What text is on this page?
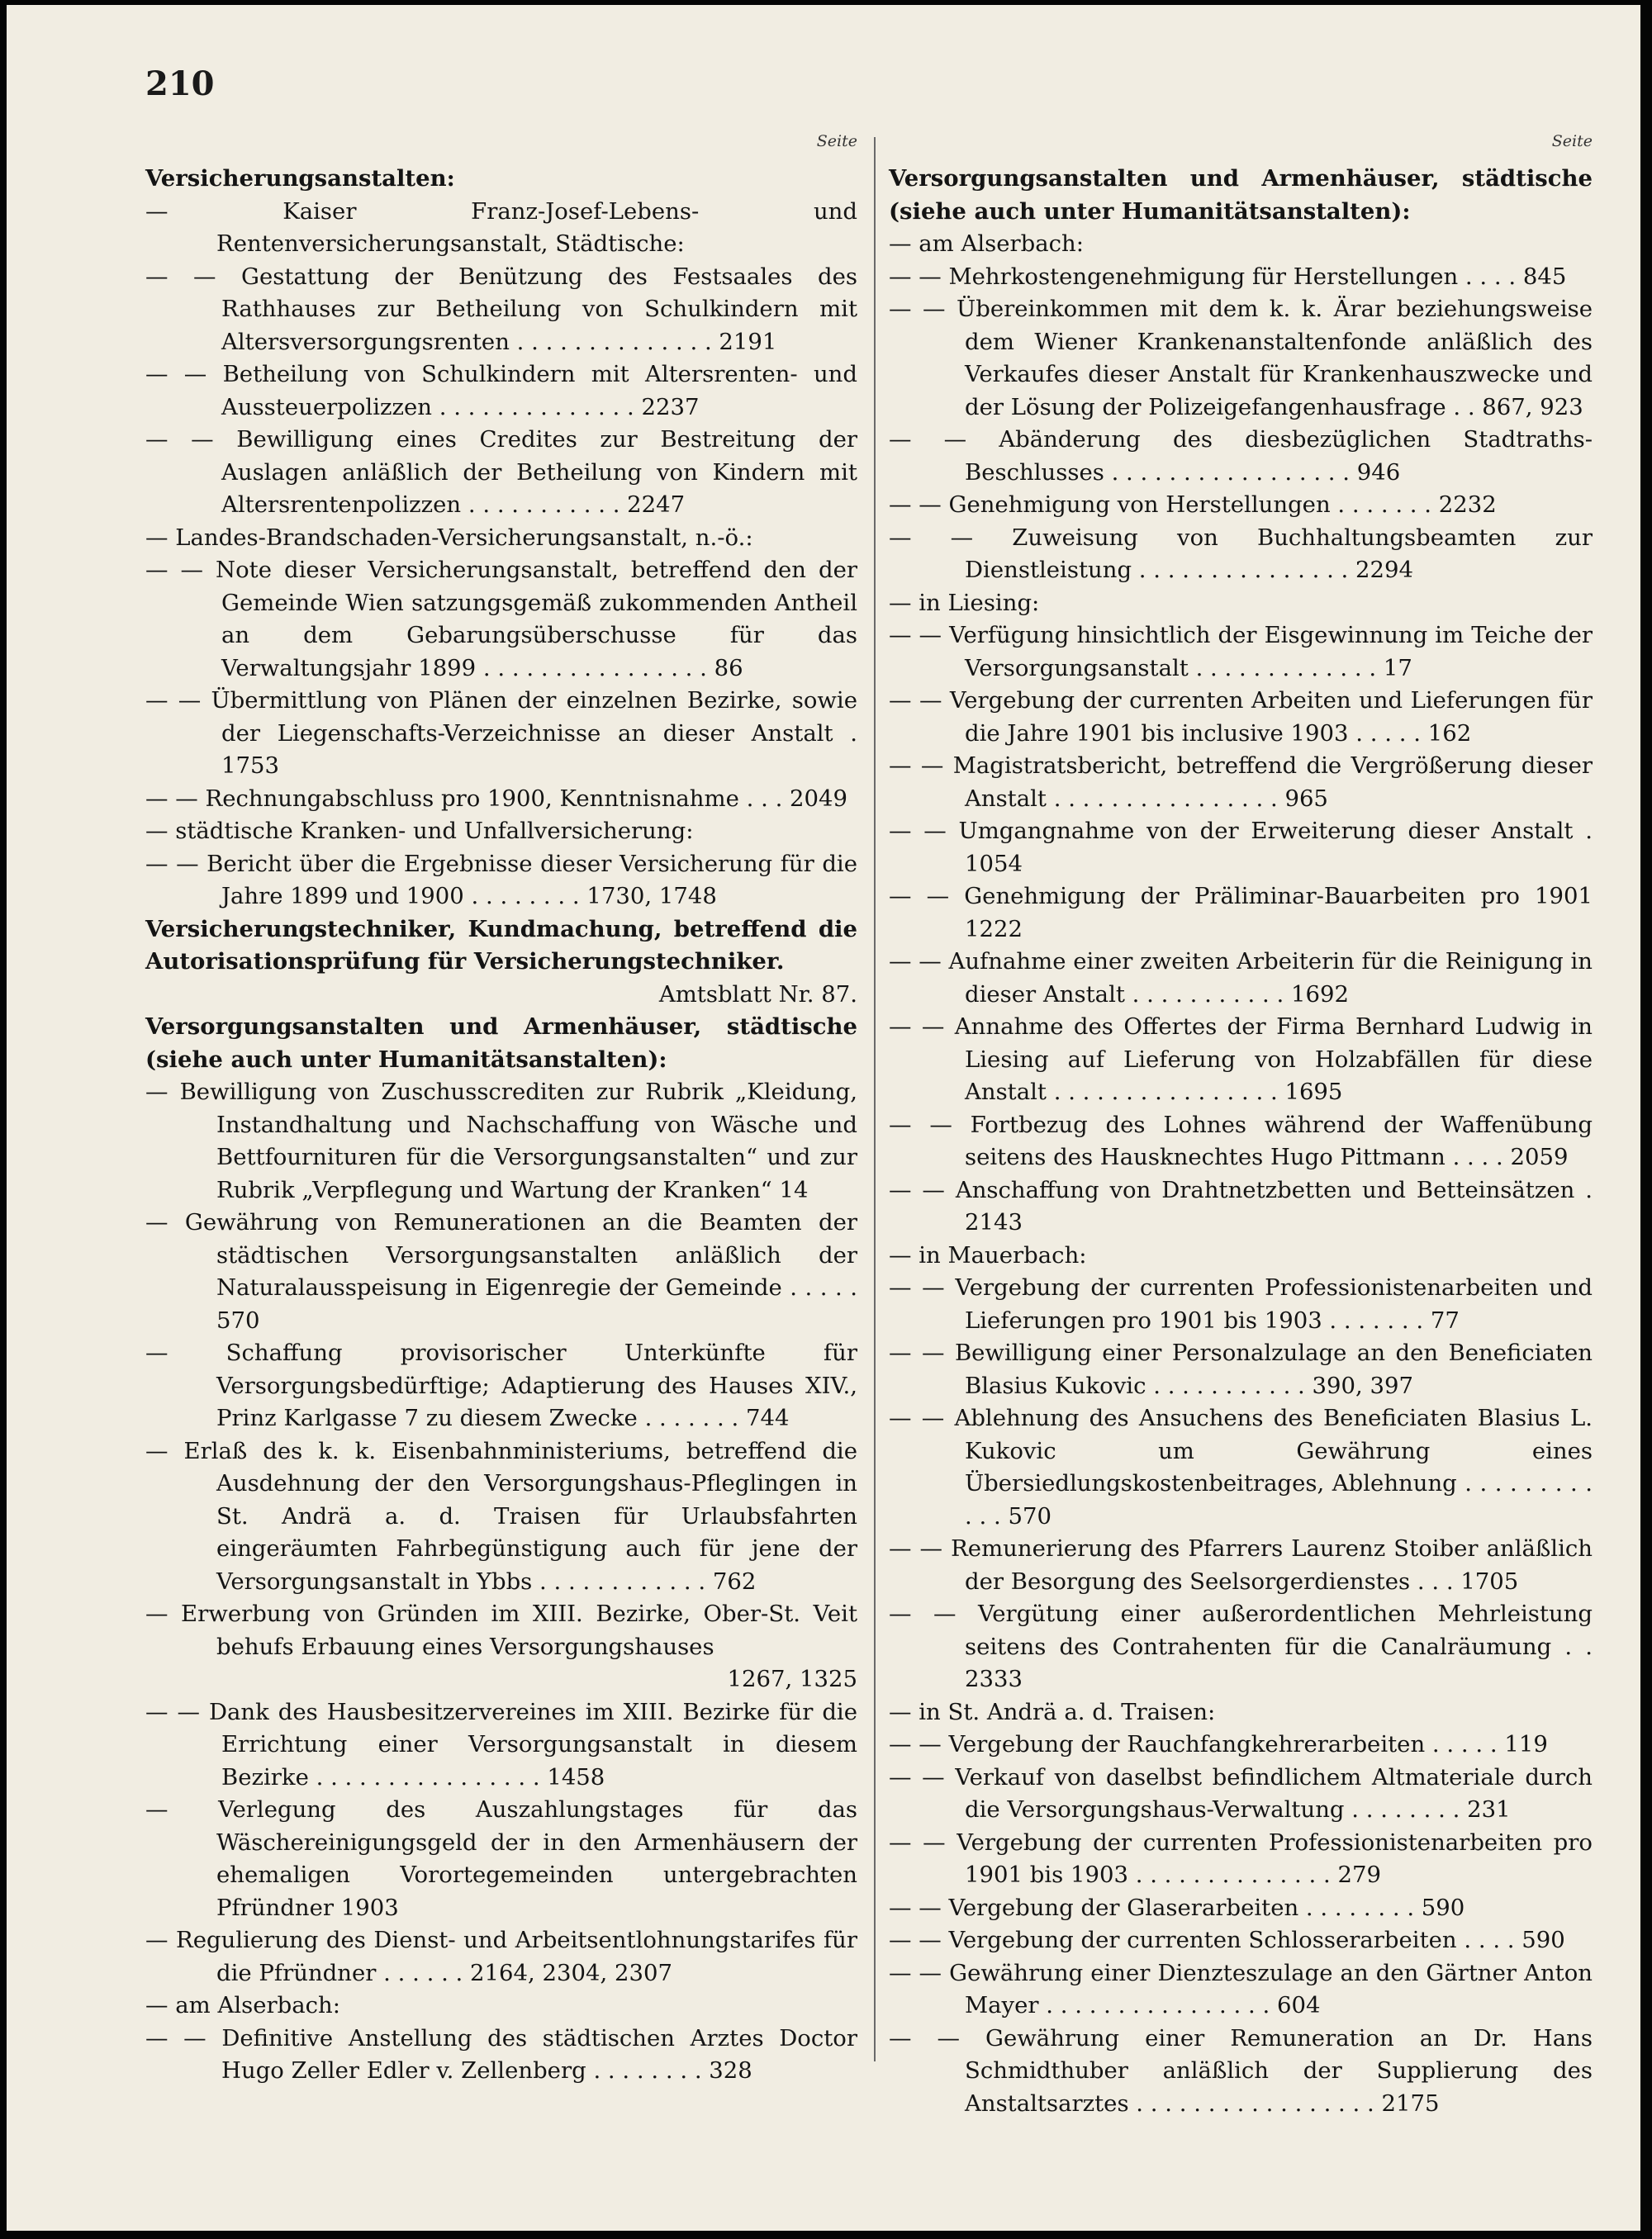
210
Seite
Versicherungsanstalten:
— Kaiser Franz-Josef-Lebens- und Rentenversicherungsanstalt, Städtische:
— — Gestattung der Benützung des Festsaales des Rathhauses zur Betheilung von Schulkindern mit Altersversorgungsrenten . . . . . . . . . . . . . . 2191
— — Betheilung von Schulkindern mit Altersrenten- und Aussteuerpolizzen . . . . . . . . . . . . . . 2237
— — Bewilligung eines Credites zur Bestreitung der Auslagen anläßlich der Betheilung von Kindern mit Altersrentenpolizzen . . . . . . . . . . . 2247
— Landes-Brandschaden-Versicherungsanstalt, n.-ö.:
— — Note dieser Versicherungsanstalt, betreffend den der Gemeinde Wien satzungsgemäß zukommenden Antheil an dem Gebarungsüberschusse für das Verwaltungsjahr 1899 . . . . . . . . . . . . . . . . 86
— — Übermittlung von Plänen der einzelnen Bezirke, sowie der Liegenschafts-Verzeichnisse an dieser Anstalt . 1753
— — Rechnungabschluss pro 1900, Kenntnisnahme . . . 2049
— städtische Kranken- und Unfallversicherung:
— — Bericht über die Ergebnisse dieser Versicherung für die Jahre 1899 und 1900 . . . . . . . . 1730, 1748
Versicherungstechniker, Kundmachung, betreffend die Autorisationsprüfung für Versicherungstechniker.
Amtsblatt Nr. 87.
Versorgungsanstalten und Armenhäuser, städtische (siehe auch unter Humanitätsanstalten):
— Bewilligung von Zuschusscrediten zur Rubrik „Kleidung, Instandhaltung und Nachschaffung von Wäsche und Bettfournituren für die Versorgungsanstalten“ und zur Rubrik „Verpflegung und Wartung der Kranken“ 14
— Gewährung von Remunerationen an die Beamten der städtischen Versorgungsanstalten anläßlich der Naturalausspeisung in Eigenregie der Gemeinde . . . . . 570
— Schaffung provisorischer Unterkünfte für Versorgungsbedürftige; Adaptierung des Hauses XIV., Prinz Karlgasse 7 zu diesem Zwecke . . . . . . . 744
— Erlaß des k. k. Eisenbahnministeriums, betreffend die Ausdehnung der den Versorgungshaus-Pfleglingen in St. Andrä a. d. Traisen für Urlaubsfahrten eingeräumten Fahrbegünstigung auch für jene der Versorgungsanstalt in Ybbs . . . . . . . . . . . . 762
— Erwerbung von Gründen im XIII. Bezirke, Ober-St. Veit behufs Erbauung eines Versorgungshauses
1267, 1325
— — Dank des Hausbesitzervereines im XIII. Bezirke für die Errichtung einer Versorgungsanstalt in diesem Bezirke . . . . . . . . . . . . . . . . 1458
— Verlegung des Auszahlungstages für das Wäschereinigungsgeld der in den Armenhäusern der ehemaligen Vorortegemeinden untergebrachten Pfründner 1903
— Regulierung des Dienst- und Arbeitsentlohnungstarifes für die Pfründner . . . . . . 2164, 2304, 2307
— am Alserbach:
— — Definitive Anstellung des städtischen Arztes Doctor Hugo Zeller Edler v. Zellenberg . . . . . . . . 328
Seite
Versorgungsanstalten und Armenhäuser, städtische (siehe auch unter Humanitätsanstalten):
— am Alserbach:
— — Mehrkostengenehmigung für Herstellungen . . . . 845
— — Übereinkommen mit dem k. k. Ärar beziehungsweise dem Wiener Krankenanstaltenfonde anläßlich des Verkaufes dieser Anstalt für Krankenhauszwecke und der Lösung der Polizeigefangenhausfrage . . 867, 923
— — Abänderung des diesbezüglichen Stadtraths-Beschlusses . . . . . . . . . . . . . . . . . 946
— — Genehmigung von Herstellungen . . . . . . . 2232
— — Zuweisung von Buchhaltungsbeamten zur Dienstleistung . . . . . . . . . . . . . . . 2294
— in Liesing:
— — Verfügung hinsichtlich der Eisgewinnung im Teiche der Versorgungsanstalt . . . . . . . . . . . . . 17
— — Vergebung der currenten Arbeiten und Lieferungen für die Jahre 1901 bis inclusive 1903 . . . . . 162
— — Magistratsbericht, betreffend die Vergrößerung dieser Anstalt . . . . . . . . . . . . . . . . 965
— — Umgangnahme von der Erweiterung dieser Anstalt . 1054
— — Genehmigung der Präliminar-Bauarbeiten pro 1901 1222
— — Aufnahme einer zweiten Arbeiterin für die Reinigung in dieser Anstalt . . . . . . . . . . . 1692
— — Annahme des Offertes der Firma Bernhard Ludwig in Liesing auf Lieferung von Holzabfällen für diese Anstalt . . . . . . . . . . . . . . . . 1695
— — Fortbezug des Lohnes während der Waffenübung seitens des Hausknechtes Hugo Pittmann . . . . 2059
— — Anschaffung von Drahtnetzbetten und Betteinsätzen . 2143
— in Mauerbach:
— — Vergebung der currenten Professionistenarbeiten und Lieferungen pro 1901 bis 1903 . . . . . . . 77
— — Bewilligung einer Personalzulage an den Beneficiaten Blasius Kukovic . . . . . . . . . . . 390, 397
— — Ablehnung des Ansuchens des Beneficiaten Blasius L. Kukovic um Gewährung eines Übersiedlungskostenbeitrages, Ablehnung . . . . . . . . . . . . 570
— — Remunerierung des Pfarrers Laurenz Stoiber anläßlich der Besorgung des Seelsorgerdienstes . . . 1705
— — Vergütung einer außerordentlichen Mehrleistung seitens des Contrahenten für die Canalräumung . . 2333
— in St. Andrä a. d. Traisen:
— — Vergebung der Rauchfangkehrerarbeiten . . . . . 119
— — Verkauf von daselbst befindlichem Altmateriale durch die Versorgungshaus-Verwaltung . . . . . . . . 231
— — Vergebung der currenten Professionistenarbeiten pro 1901 bis 1903 . . . . . . . . . . . . . . 279
— — Vergebung der Glaserarbeiten . . . . . . . . 590
— — Vergebung der currenten Schlosserarbeiten . . . . 590
— — Gewährung einer Dienzteszulage an den Gärtner Anton Mayer . . . . . . . . . . . . . . . . 604
— — Gewährung einer Remuneration an Dr. Hans Schmidthuber anläßlich der Supplierung des Anstaltsarztes . . . . . . . . . . . . . . . . . 2175
